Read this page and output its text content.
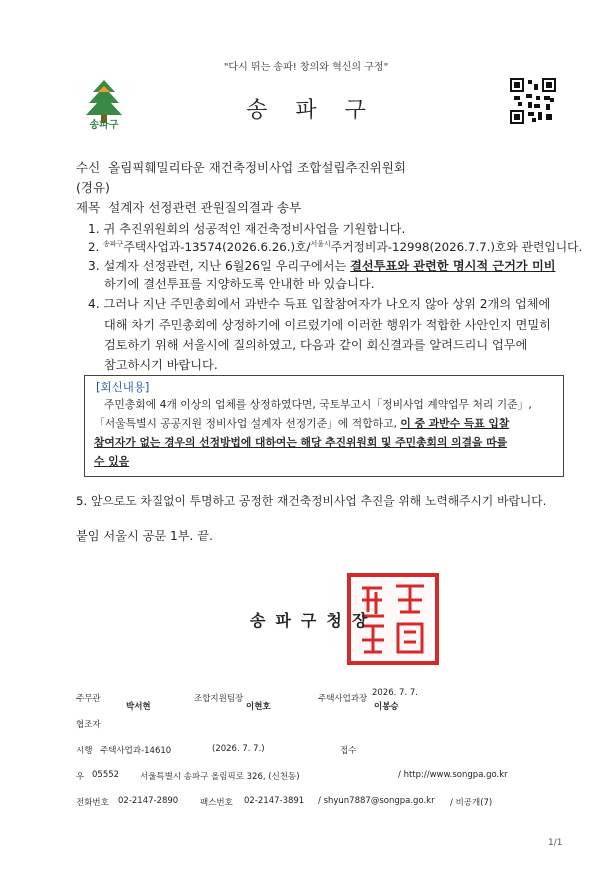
"다시 뛰는 송파! 창의와 혁신의 구정"
송파구
송파구
수신 올림픽훼밀리타운 재건축정비사업 조합설립추진위원회
(경유)
제목 설계자 선정관련 관원질의결과 송부
1. 귀 추진위원회의 성공적인 재건축정비사업을 기원합니다.
2. $^{송파구}$주택사업과-13574(2026.6.26.)호/$^{서울시}$주거정비과-12998(2026.7.7.)호와 관련입니다.
3. 설계자 선정관련, 지난 6월26일 우리구에서는 결선투표와 관련한 명시적 근거가 미비
하기에 결선투표를 지양하도록 안내한 바 있습니다.
4. 그러나 지난 주민총회에서 과반수 득표 입찰참여자가 나오지 않아 상위 2개의 업체에
대해 차기 주민총회에 상정하기에 이르렀기에 이러한 행위가 적합한 사안인지 면밀히
검토하기 위해 서울시에 질의하였고, 다음과 같이 회신결과를 알려드리니 업무에
참고하시기 바랍니다.
[회신내용]
주민총회에 4개 이상의 업체를 상정하였다면, 국토부고시「정비사업 계약업무 처리 기준」,
「서울특별시 공공지원 정비사업 설계자 선정기준」에 적합하고, 이 중 과반수 득표 입찰
참여자가 없는 경우의 선정방법에 대하여는 해당 추진위원회 및 주민총회의 의결을 따를
수 있음
5. 앞으로도 차질없이 투명하고 공정한 재건축정비사업 추진을 위해 노력해주시기 바랍니다.
붙임 서울시 공문 1부. 끝.
송파구청장
주무관
박서현
조합지원팀장
이현호
주택사업과장
2026. 7. 7.
이봉승
협조자
시행 주택사업과-14610	(2026. 7. 7.)	접수
우 05552 서울특별시 송파구 올림픽로 326, (신천동)	/ http://www.songpa.go.kr
전화번호 02-2147-2890	팩스번호 02-2147-3891 / shyun7887@songpa.go.kr / 비공개(7)
1/1
